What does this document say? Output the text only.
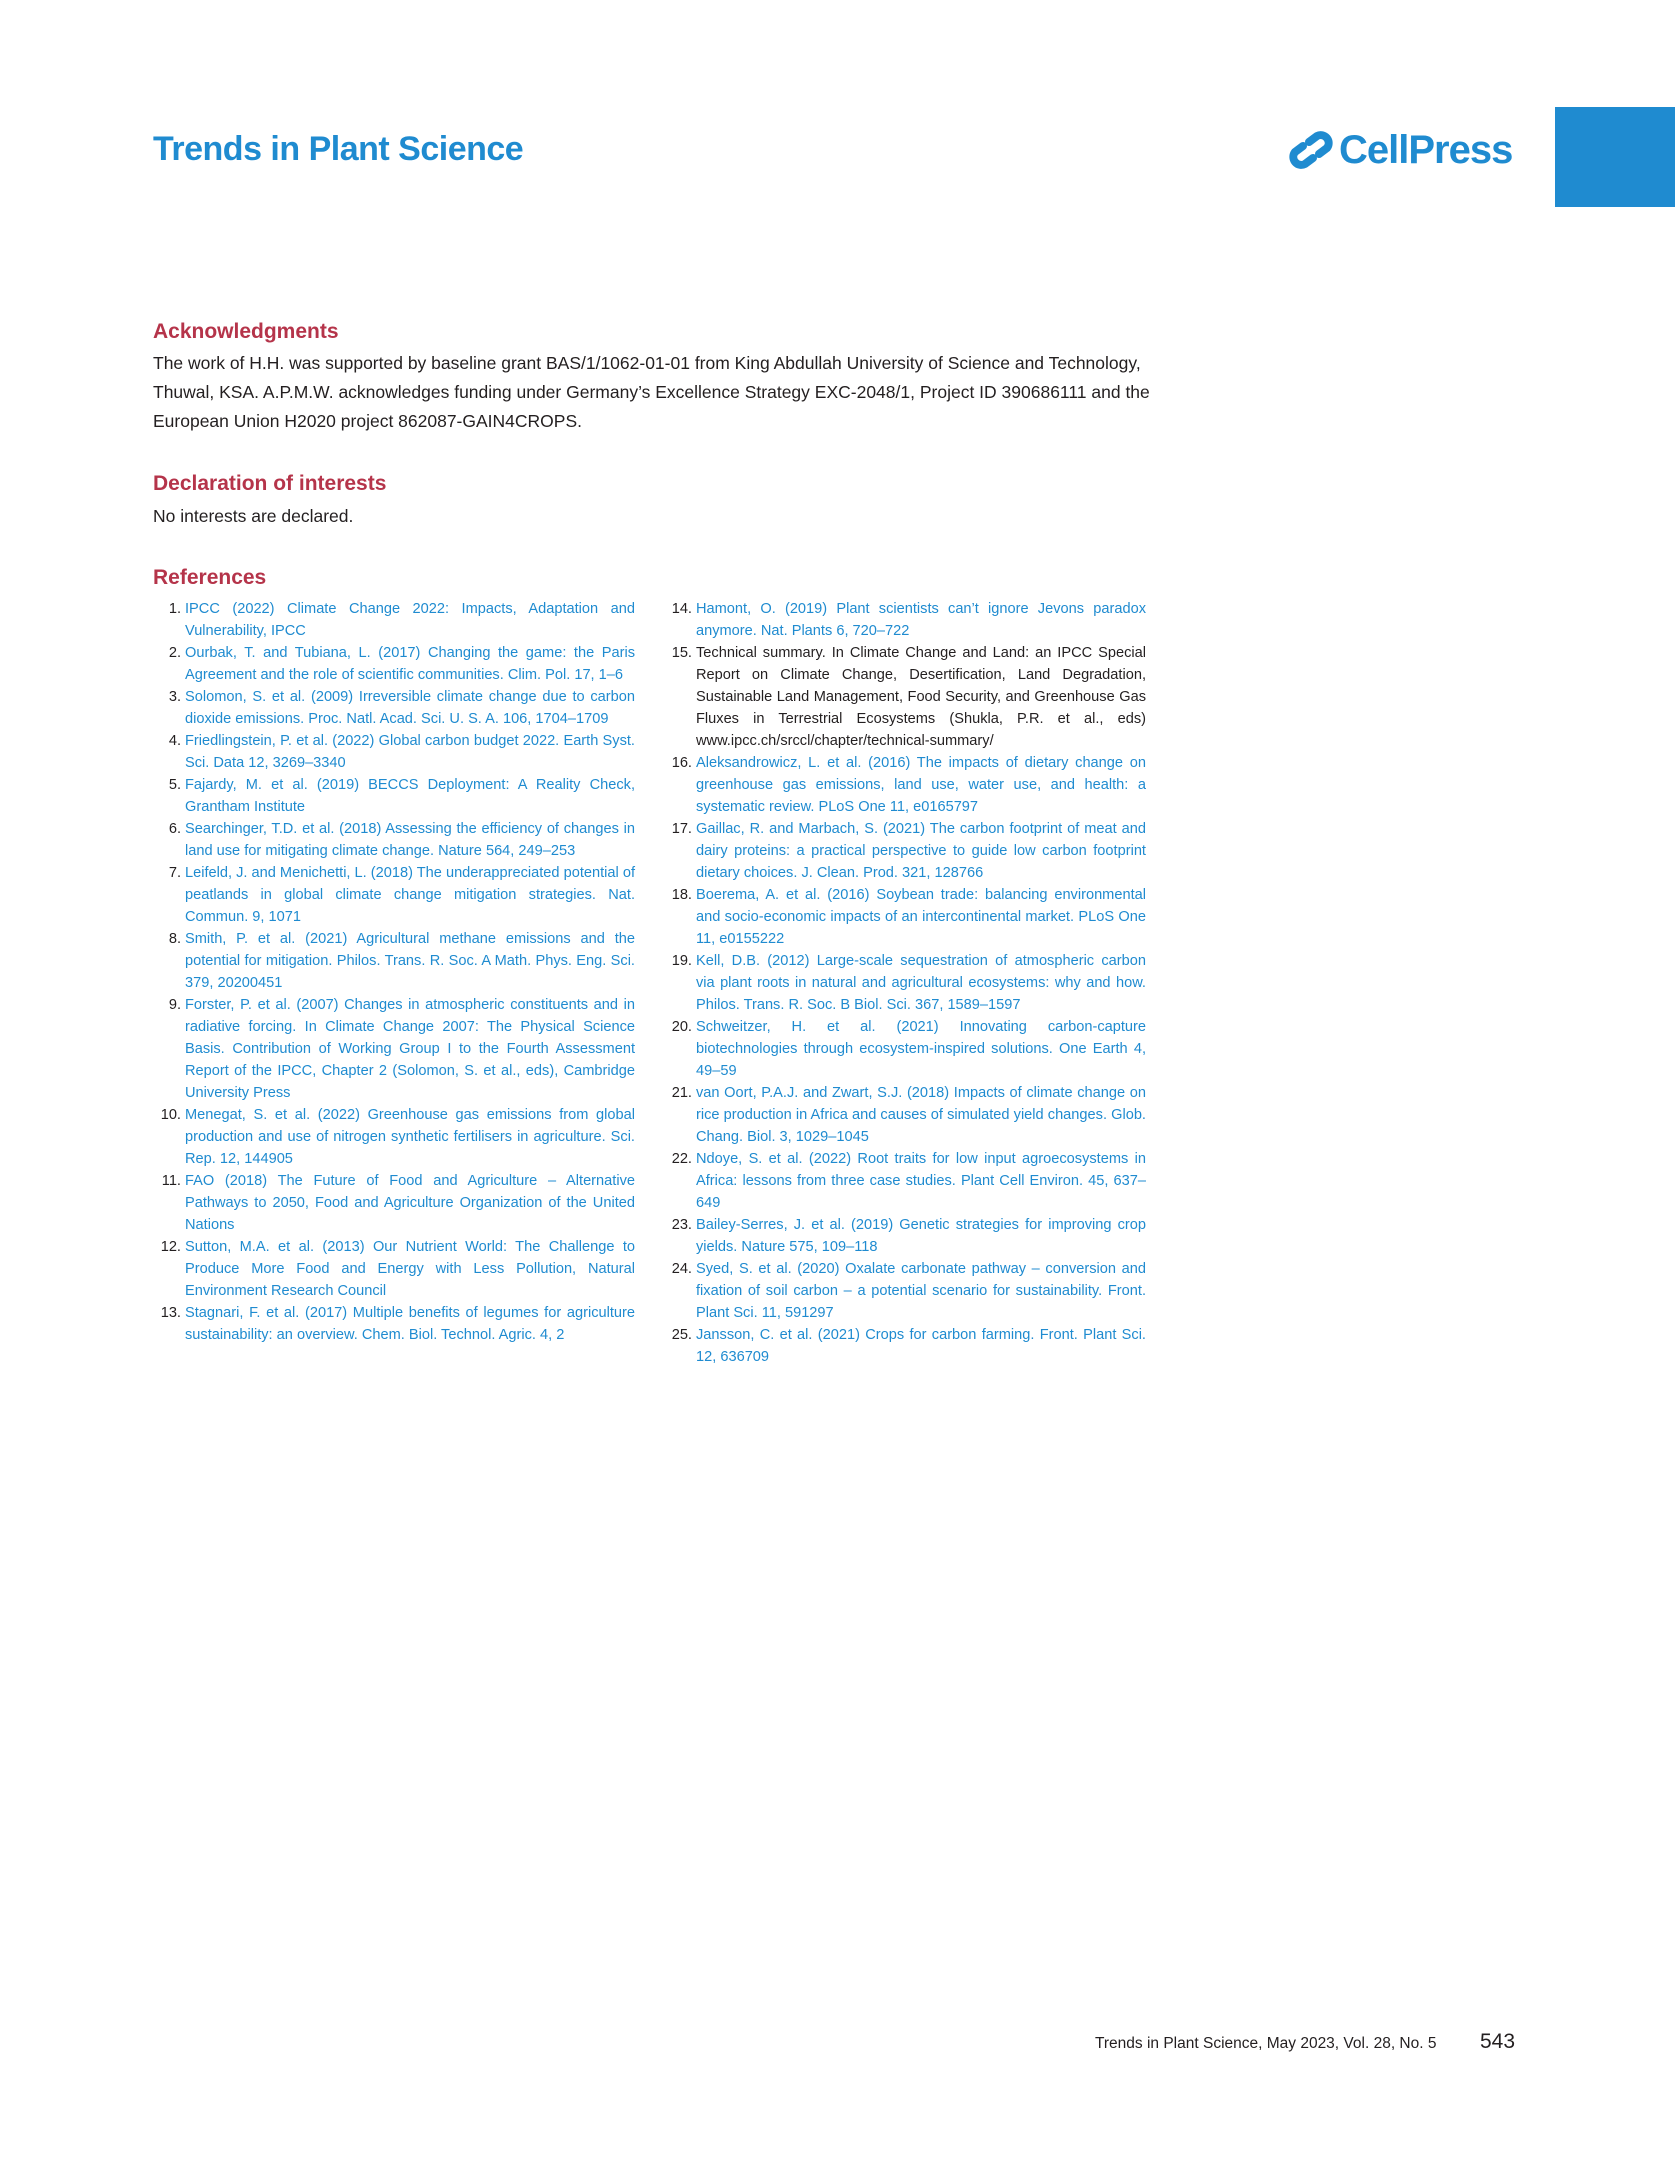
Trends in Plant Science	CellPress
Acknowledgments
The work of H.H. was supported by baseline grant BAS/1/1062-01-01 from King Abdullah University of Science and Technology, Thuwal, KSA. A.P.M.W. acknowledges funding under Germany’s Excellence Strategy EXC-2048/1, Project ID 390686111 and the European Union H2020 project 862087-GAIN4CROPS.
Declaration of interests
No interests are declared.
References
1. IPCC (2022) Climate Change 2022: Impacts, Adaptation and Vulnerability, IPCC
2. Ourbak, T. and Tubiana, L. (2017) Changing the game: the Paris Agreement and the role of scientific communities. Clim. Pol. 17, 1–6
3. Solomon, S. et al. (2009) Irreversible climate change due to carbon dioxide emissions. Proc. Natl. Acad. Sci. U. S. A. 106, 1704–1709
4. Friedlingstein, P. et al. (2022) Global carbon budget 2022. Earth Syst. Sci. Data 12, 3269–3340
5. Fajardy, M. et al. (2019) BECCS Deployment: A Reality Check, Grantham Institute
6. Searchinger, T.D. et al. (2018) Assessing the efficiency of changes in land use for mitigating climate change. Nature 564, 249–253
7. Leifeld, J. and Menichetti, L. (2018) The underappreciated potential of peatlands in global climate change mitigation strategies. Nat. Commun. 9, 1071
8. Smith, P. et al. (2021) Agricultural methane emissions and the potential for mitigation. Philos. Trans. R. Soc. A Math. Phys. Eng. Sci. 379, 20200451
9. Forster, P. et al. (2007) Changes in atmospheric constituents and in radiative forcing. In Climate Change 2007: The Physical Science Basis. Contribution of Working Group I to the Fourth Assessment Report of the IPCC, Chapter 2 (Solomon, S. et al., eds), Cambridge University Press
10. Menegat, S. et al. (2022) Greenhouse gas emissions from global production and use of nitrogen synthetic fertilisers in agriculture. Sci. Rep. 12, 144905
11. FAO (2018) The Future of Food and Agriculture – Alternative Pathways to 2050, Food and Agriculture Organization of the United Nations
12. Sutton, M.A. et al. (2013) Our Nutrient World: The Challenge to Produce More Food and Energy with Less Pollution, Natural Environment Research Council
13. Stagnari, F. et al. (2017) Multiple benefits of legumes for agriculture sustainability: an overview. Chem. Biol. Technol. Agric. 4, 2
14. Hamont, O. (2019) Plant scientists can’t ignore Jevons paradox anymore. Nat. Plants 6, 720–722
15. Technical summary. In Climate Change and Land: an IPCC Special Report on Climate Change, Desertification, Land Degradation, Sustainable Land Management, Food Security, and Greenhouse Gas Fluxes in Terrestrial Ecosystems (Shukla, P.R. et al., eds) www.ipcc.ch/srccl/chapter/technical-summary/
16. Aleksandrowicz, L. et al. (2016) The impacts of dietary change on greenhouse gas emissions, land use, water use, and health: a systematic review. PLoS One 11, e0165797
17. Gaillac, R. and Marbach, S. (2021) The carbon footprint of meat and dairy proteins: a practical perspective to guide low carbon footprint dietary choices. J. Clean. Prod. 321, 128766
18. Boerema, A. et al. (2016) Soybean trade: balancing environmental and socio-economic impacts of an intercontinental market. PLoS One 11, e0155222
19. Kell, D.B. (2012) Large-scale sequestration of atmospheric carbon via plant roots in natural and agricultural ecosystems: why and how. Philos. Trans. R. Soc. B Biol. Sci. 367, 1589–1597
20. Schweitzer, H. et al. (2021) Innovating carbon-capture biotechnologies through ecosystem-inspired solutions. One Earth 4, 49–59
21. van Oort, P.A.J. and Zwart, S.J. (2018) Impacts of climate change on rice production in Africa and causes of simulated yield changes. Glob. Chang. Biol. 3, 1029–1045
22. Ndoye, S. et al. (2022) Root traits for low input agroecosystems in Africa: lessons from three case studies. Plant Cell Environ. 45, 637–649
23. Bailey-Serres, J. et al. (2019) Genetic strategies for improving crop yields. Nature 575, 109–118
24. Syed, S. et al. (2020) Oxalate carbonate pathway – conversion and fixation of soil carbon – a potential scenario for sustainability. Front. Plant Sci. 11, 591297
25. Jansson, C. et al. (2021) Crops for carbon farming. Front. Plant Sci. 12, 636709
Trends in Plant Science, May 2023, Vol. 28, No. 5 543
